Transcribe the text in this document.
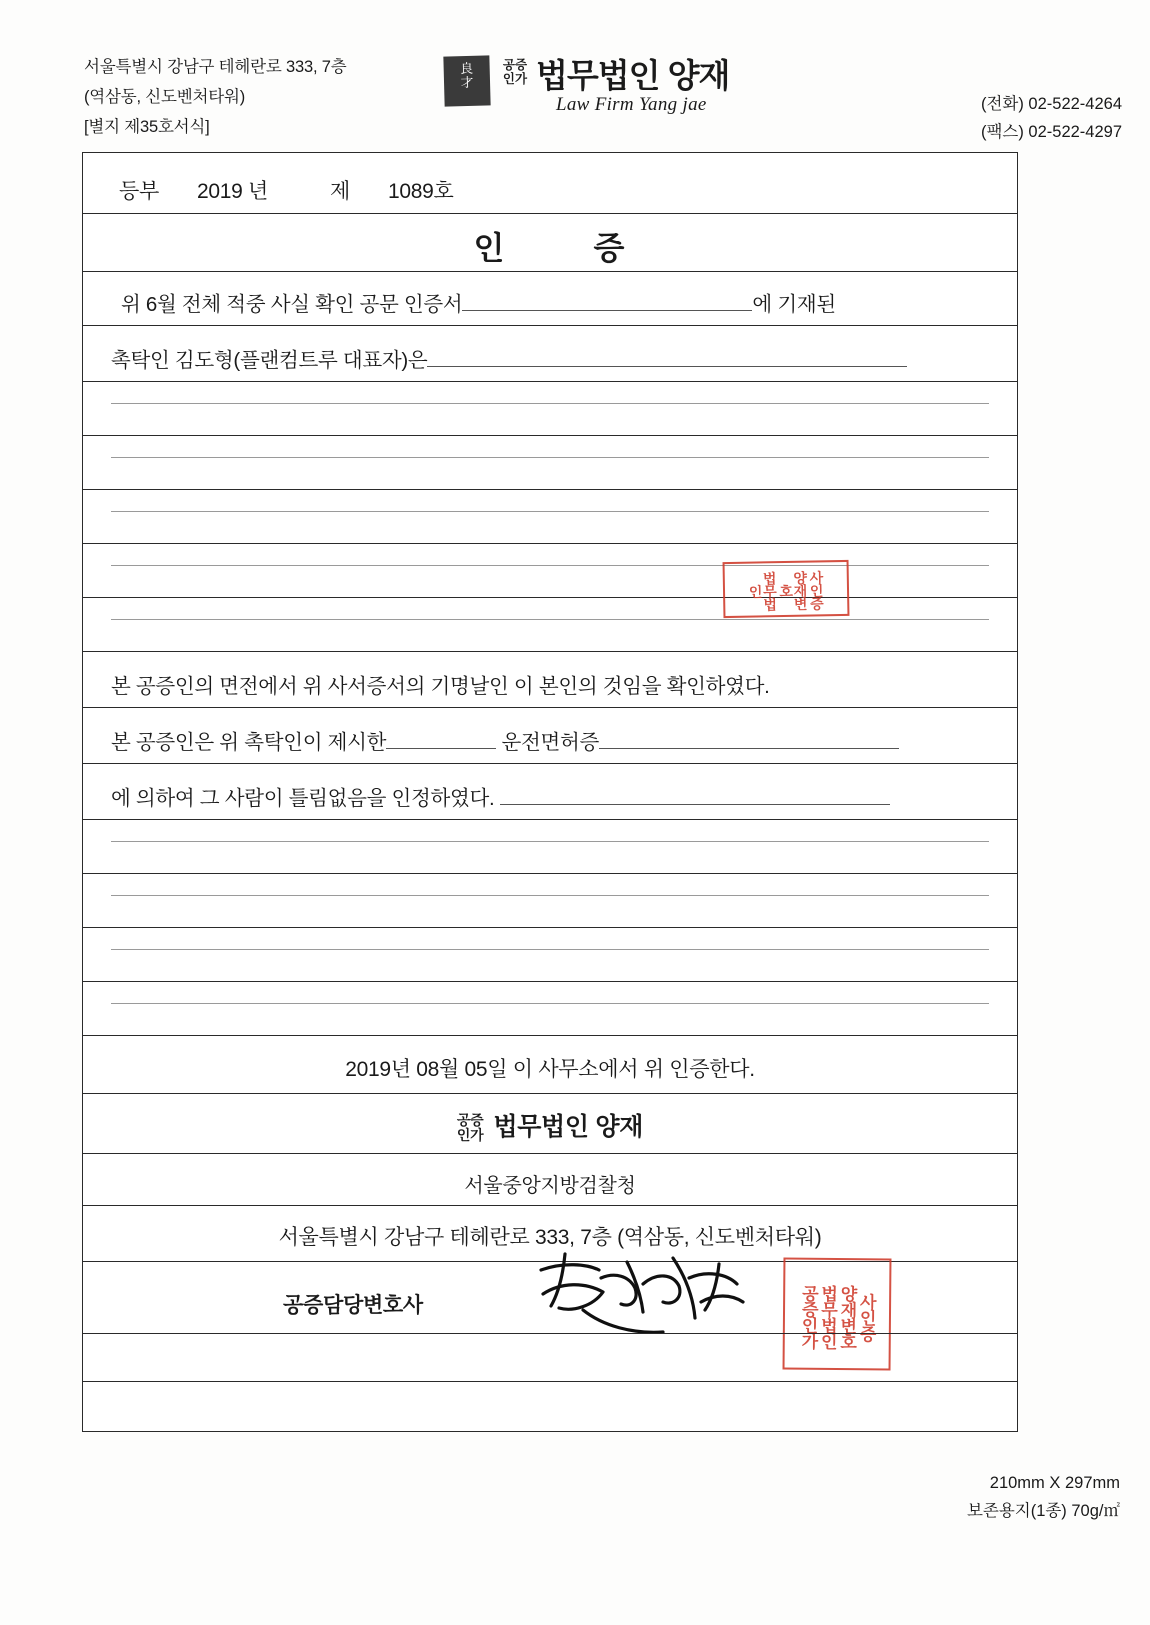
서울특별시 강남구 테헤란로 333, 7층
(역삼동, 신도벤처타워)
[별지 제35호서식]
良
才
공증
인가 법무법인 양재
Law Firm Yang jae	(전화) 02-522-4264
(팩스) 02-522-4297
등부 2019 년	제 1089호
인        증
위 6월 전체 적중 사실 확인 공문 인증서	에 기재된
촉탁인 김도형(플랜컴트루 대표자)은
법무법인	양재변호	사인증
본 공증인의 면전에서 위 사서증서의 기명날인 이 본인의 것임을 확인하였다.
본 공증인은 위 촉탁인이 제시한	운전면허증
에 의하여 그 사람이 틀림없음을 인정하였다.
2019년 08월 05일 이 사무소에서 위 인증한다.
공증
인가 법무법인 양재
서울중앙지방검찰청
서울특별시 강남구 테헤란로 333, 7층 (역삼동, 신도벤처타워)
공증담당변호사	공증인가 법무법인 양재변호 사인증
210mm X 297mm
보존용지(1종) 70g/㎡
